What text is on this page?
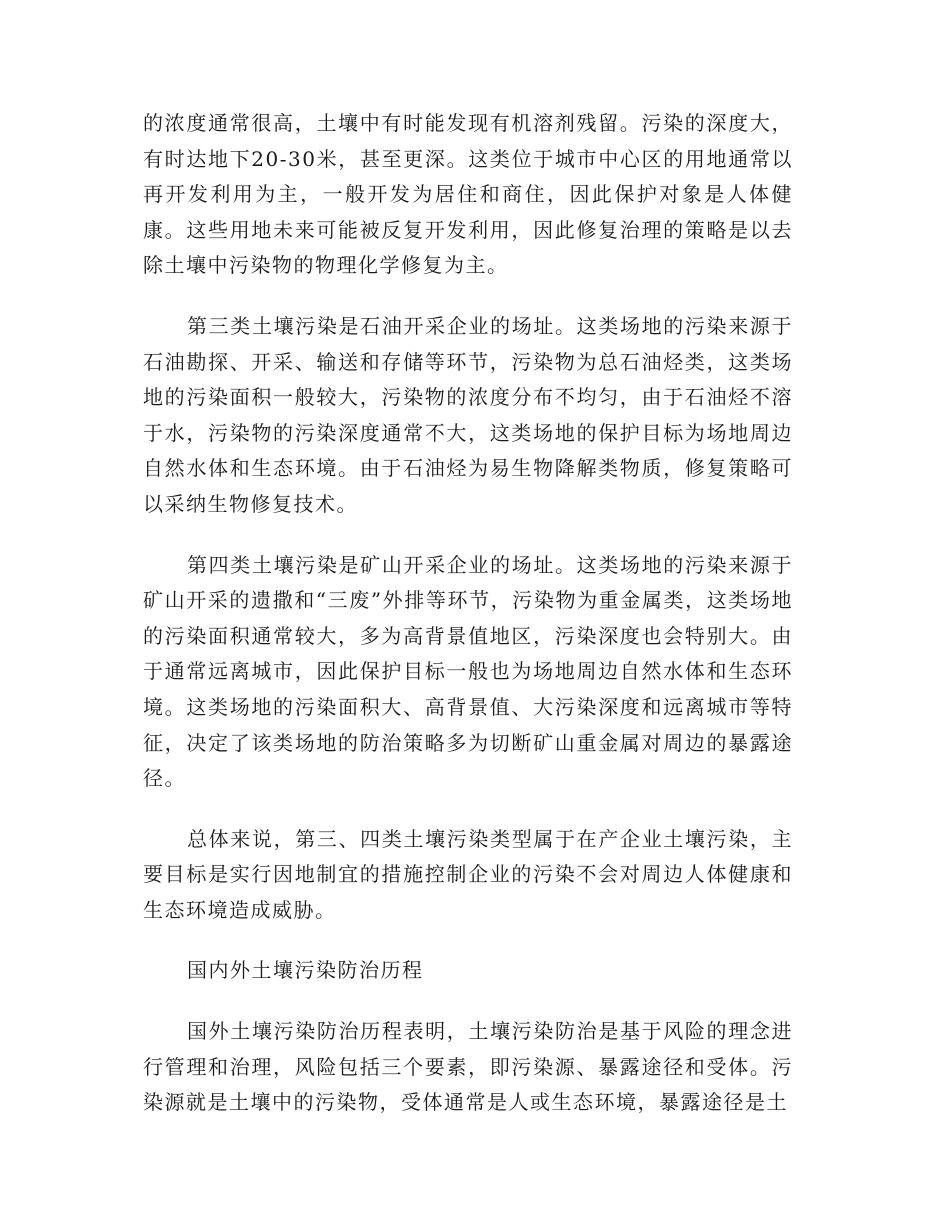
的浓度通常很高，土壤中有时能发现有机溶剂残留。污染的深度大，有时达地下20-30米，甚至更深。这类位于城市中心区的用地通常以再开发利用为主，一般开发为居住和商住，因此保护对象是人体健康。这些用地未来可能被反复开发利用，因此修复治理的策略是以去除土壤中污染物的物理化学修复为主。

第三类土壤污染是石油开采企业的场址。这类场地的污染来源于石油勘探、开采、输送和存储等环节，污染物为总石油烃类，这类场地的污染面积一般较大，污染物的浓度分布不均匀，由于石油烃不溶于水，污染物的污染深度通常不大，这类场地的保护目标为场地周边自然水体和生态环境。由于石油烃为易生物降解类物质，修复策略可以采纳生物修复技术。

第四类土壤污染是矿山开采企业的场址。这类场地的污染来源于矿山开采的遗撒和“三废”外排等环节，污染物为重金属类，这类场地的污染面积通常较大，多为高背景值地区，污染深度也会特别大。由于通常远离城市，因此保护目标一般也为场地周边自然水体和生态环境。这类场地的污染面积大、高背景值、大污染深度和远离城市等特征，决定了该类场地的防治策略多为切断矿山重金属对周边的暴露途径。

总体来说，第三、四类土壤污染类型属于在产企业土壤污染，主要目标是实行因地制宜的措施控制企业的污染不会对周边人体健康和生态环境造成威胁。

国内外土壤污染防治历程

国外土壤污染防治历程表明，土壤污染防治是基于风险的理念进行管理和治理，风险包括三个要素，即污染源、暴露途径和受体。污染源就是土壤中的污染物，受体通常是人或生态环境，暴露途径是土
